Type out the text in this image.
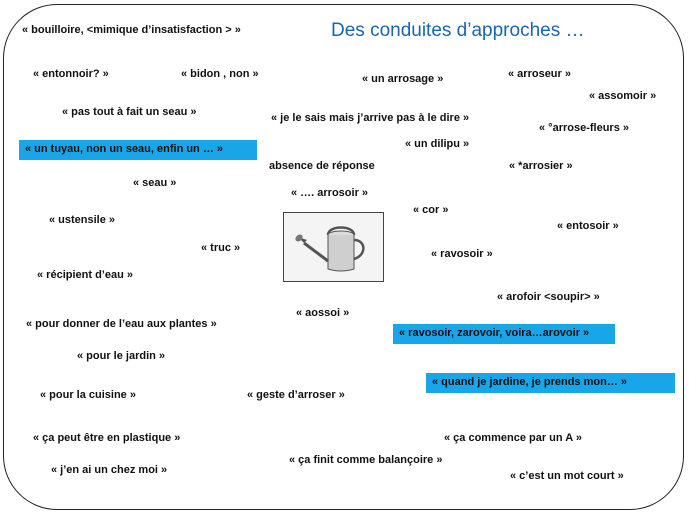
Des conduites d’approches …
« bouilloire, <mimique d’insatisfaction > »
« entonnoir? »	« bidon , non »	« un arrosage »	« arroseur »
« assomoir »
« pas tout à fait un seau »	« je le sais mais j’arrive pas à le dire »
« °arrose-fleurs »
« un tuyau, non un seau, enfin un … »	« un dilipu »
absence de réponse	« *arrosier »
« seau »
« …. arrosoir »
« cor »
« ustensile »	« entosoir »
« truc »	« ravosoir »
« récipient d’eau »
« arofoir <soupir> »
« aossoi »
« pour donner de l’eau aux plantes »
« ravosoir, zarovoir, voira…arovoir »
« pour le jardin »
« quand je jardine, je prends mon… »
« pour la cuisine »	« geste d’arroser »
« ça peut être en plastique »	« ça commence par un A »
« ça finit comme balançoire »
« j’en ai un chez moi »	« c’est un mot court »
